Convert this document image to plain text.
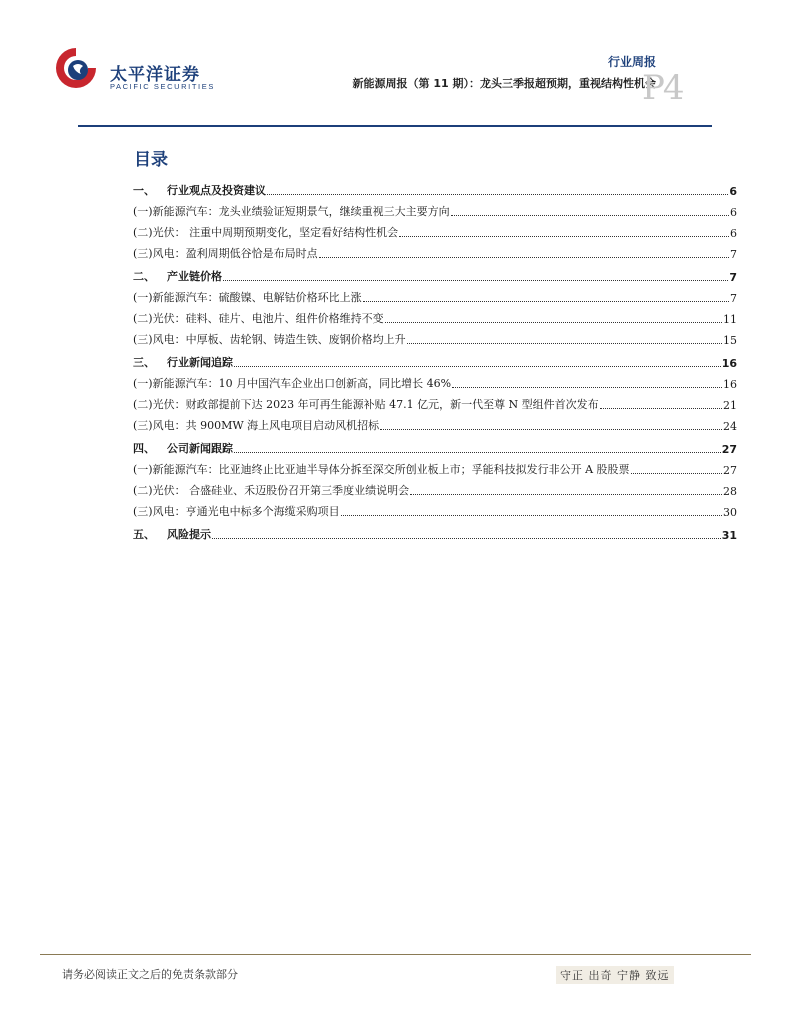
太平洋证券
PACIFIC SECURITIES
行业周报
新能源周报（第 11 期）：龙头三季报超预期，重视结构性机会
P4
目录
一、	行业观点及投资建议	6
(一) 新能源汽车：龙头业绩验证短期景气，继续重视三大主要方向	6
(二) 光伏： 注重中周期预期变化，坚定看好结构性机会	6
(三) 风电：盈利周期低谷恰是布局时点	7
二、	产业链价格	7
(一) 新能源汽车：硫酸镍、电解钴价格环比上涨	7
(二) 光伏：硅料、硅片、电池片、组件价格维持不变	11
(三) 风电：中厚板、齿轮钢、铸造生铁、废钢价格均上升	15
三、	行业新闻追踪	16
(一) 新能源汽车：10 月中国汽车企业出口创新高，同比增长 46%	16
(二) 光伏：财政部提前下达 2023 年可再生能源补贴 47.1 亿元，新一代至尊 N 型组件首次发布	21
(三) 风电：共 900MW 海上风电项目启动风机招标	24
四、	公司新闻跟踪	27
(一) 新能源汽车：比亚迪终止比亚迪半导体分拆至深交所创业板上市；孚能科技拟发行非公开 A 股股票	27
(二) 光伏： 合盛硅业、禾迈股份召开第三季度业绩说明会	28
(三) 风电：亨通光电中标多个海缆采购项目	30
五、	风险提示	31
请务必阅读正文之后的免责条款部分	守正 出奇 宁静 致远
